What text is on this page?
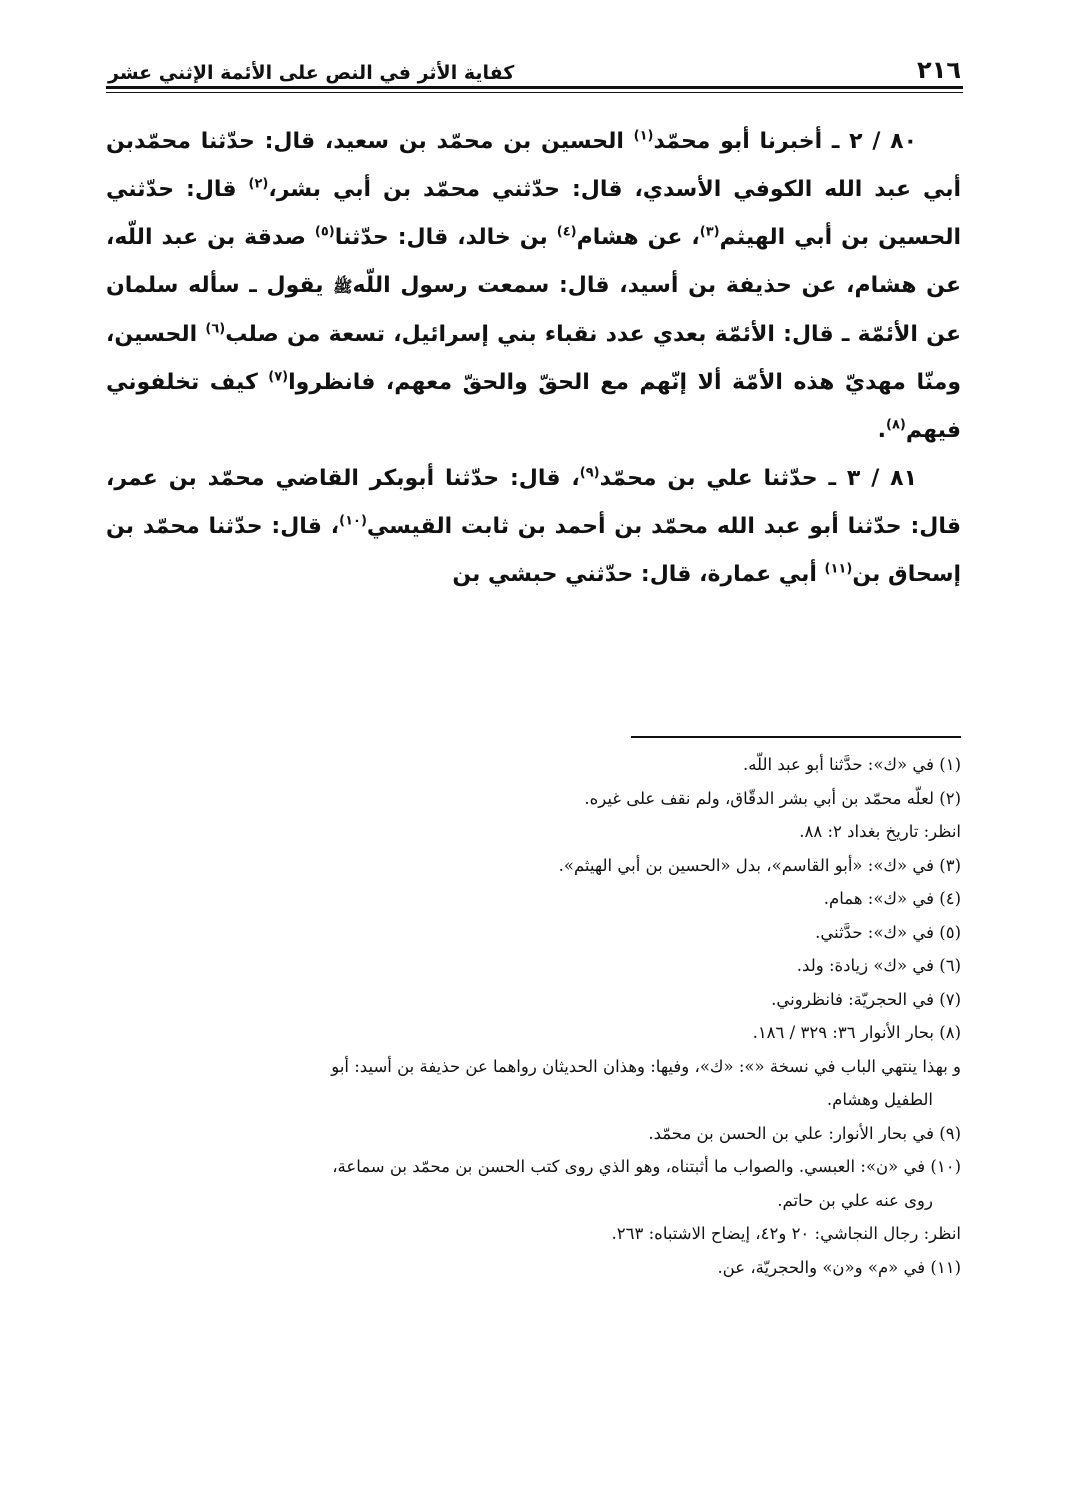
٢١٦
كفاية الأثر في النص على الأئمة الإثني عشر

٨٠ / ٢ ـ أخبرنا أبو محمّد$^{(١)}$ الحسين بن محمّد بن سعيد، قال: حدّثنا محمّدبن أبي عبد الله الكوفي الأسدي، قال: حدّثني محمّد بن أبي بشر،$^{(٢)}$ قال: حدّثني الحسين بن أبي الهيثم$^{(٣)}$، عن هشام$^{(٤)}$ بن خالد، قال: حدّثنا$^{(٥)}$ صدقة بن عبد اللّه، عن هشام، عن حذيفة بن أسيد، قال: سمعت رسول اللّهﷺ يقول ـ سأله سلمان عن الأئمّة ـ قال: الأئمّة بعدي عدد نقباء بني إسرائيل، تسعة من صلب$^{(٦)}$ الحسين، ومنّا مهديّ هذه الأمّة ألا إنّهم مع الحقّ والحقّ معهم، فانظروا$^{(٧)}$ كيف تخلفوني فيهم$^{(٨)}$.

٨١ / ٣ ـ حدّثنا علي بن محمّد$^{(٩)}$، قال: حدّثنا أبوبكر القاضي محمّد بن عمر، قال: حدّثنا أبو عبد الله محمّد بن أحمد بن ثابت القيسي$^{(١٠)}$، قال: حدّثنا محمّد بن إسحاق بن$^{(١١)}$ أبي عمارة، قال: حدّثني حبشي بن

(١) في «ك»: حدَّثنا أبو عبد اللّه.

(٢) لعلّه محمّد بن أبي بشر الدقّاق، ولم نقف على غيره.

انظر: تاريخ بغداد ٢: ٨٨.

(٣) في «ك»: «أبو القاسم»، بدل «الحسين بن أبي الهيثم».

(٤) في «ك»: همام.

(٥) في «ك»: حدَّثني.

(٦) في «ك» زيادة: ولد.

(٧) في الحجريّة: فانظروني.

(٨) بحار الأنوار ٣٦: ٣٢٩ / ١٨٦.

و بهذا ينتهي الباب في نسخة «»: «ك»، وفيها: وهذان الحديثان رواهما عن حذيفة بن أسيد: أبو

الطفيل وهشام.

(٩) في بحار الأنوار: علي بن الحسن بن محمّد.

(١٠) في «ن»: العبسي. والصواب ما أثبتناه، وهو الذي روى كتب الحسن بن محمّد بن سماعة،

روى عنه علي بن حاتم.

انظر: رجال النجاشي: ٢٠ و٤٢، إيضاح الاشتباه: ٢٦٣.

(١١) في «م» و«ن» والحجريّة، عن.
